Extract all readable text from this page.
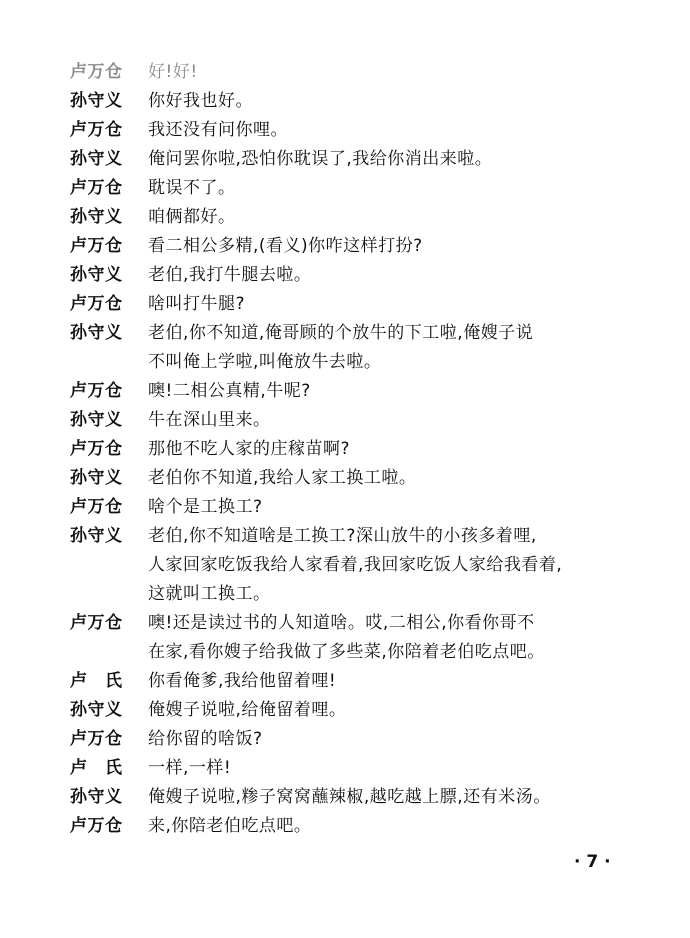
卢万仓	好!好!
孙守义	你好我也好。
卢万仓	我还没有问你哩。
孙守义	俺问罢你啦,恐怕你耽误了,我给你消出来啦。
卢万仓	耽误不了。
孙守义	咱俩都好。
卢万仓	看二相公多精,(看义)你咋这样打扮?
孙守义	老伯,我打牛腿去啦。
卢万仓	啥叫打牛腿?
孙守义	老伯,你不知道,俺哥顾的个放牛的下工啦,俺嫂子说
不叫俺上学啦,叫俺放牛去啦。
卢万仓	噢!二相公真精,牛呢?
孙守义	牛在深山里来。
卢万仓	那他不吃人家的庄稼苗啊?
孙守义	老伯你不知道,我给人家工换工啦。
卢万仓	啥个是工换工?
孙守义	老伯,你不知道啥是工换工?深山放牛的小孩多着哩,
人家回家吃饭我给人家看着,我回家吃饭人家给我看着,
这就叫工换工。
卢万仓	噢!还是读过书的人知道啥。哎,二相公,你看你哥不
在家,看你嫂子给我做了多些菜,你陪着老伯吃点吧。
卢　氏	你看俺爹,我给他留着哩!
孙守义	俺嫂子说啦,给俺留着哩。
卢万仓	给你留的啥饭?
卢　氏	一样,一样!
孙守义	俺嫂子说啦,糁子窝窝蘸辣椒,越吃越上膘,还有米汤。
卢万仓	来,你陪老伯吃点吧。
· 7 ·
